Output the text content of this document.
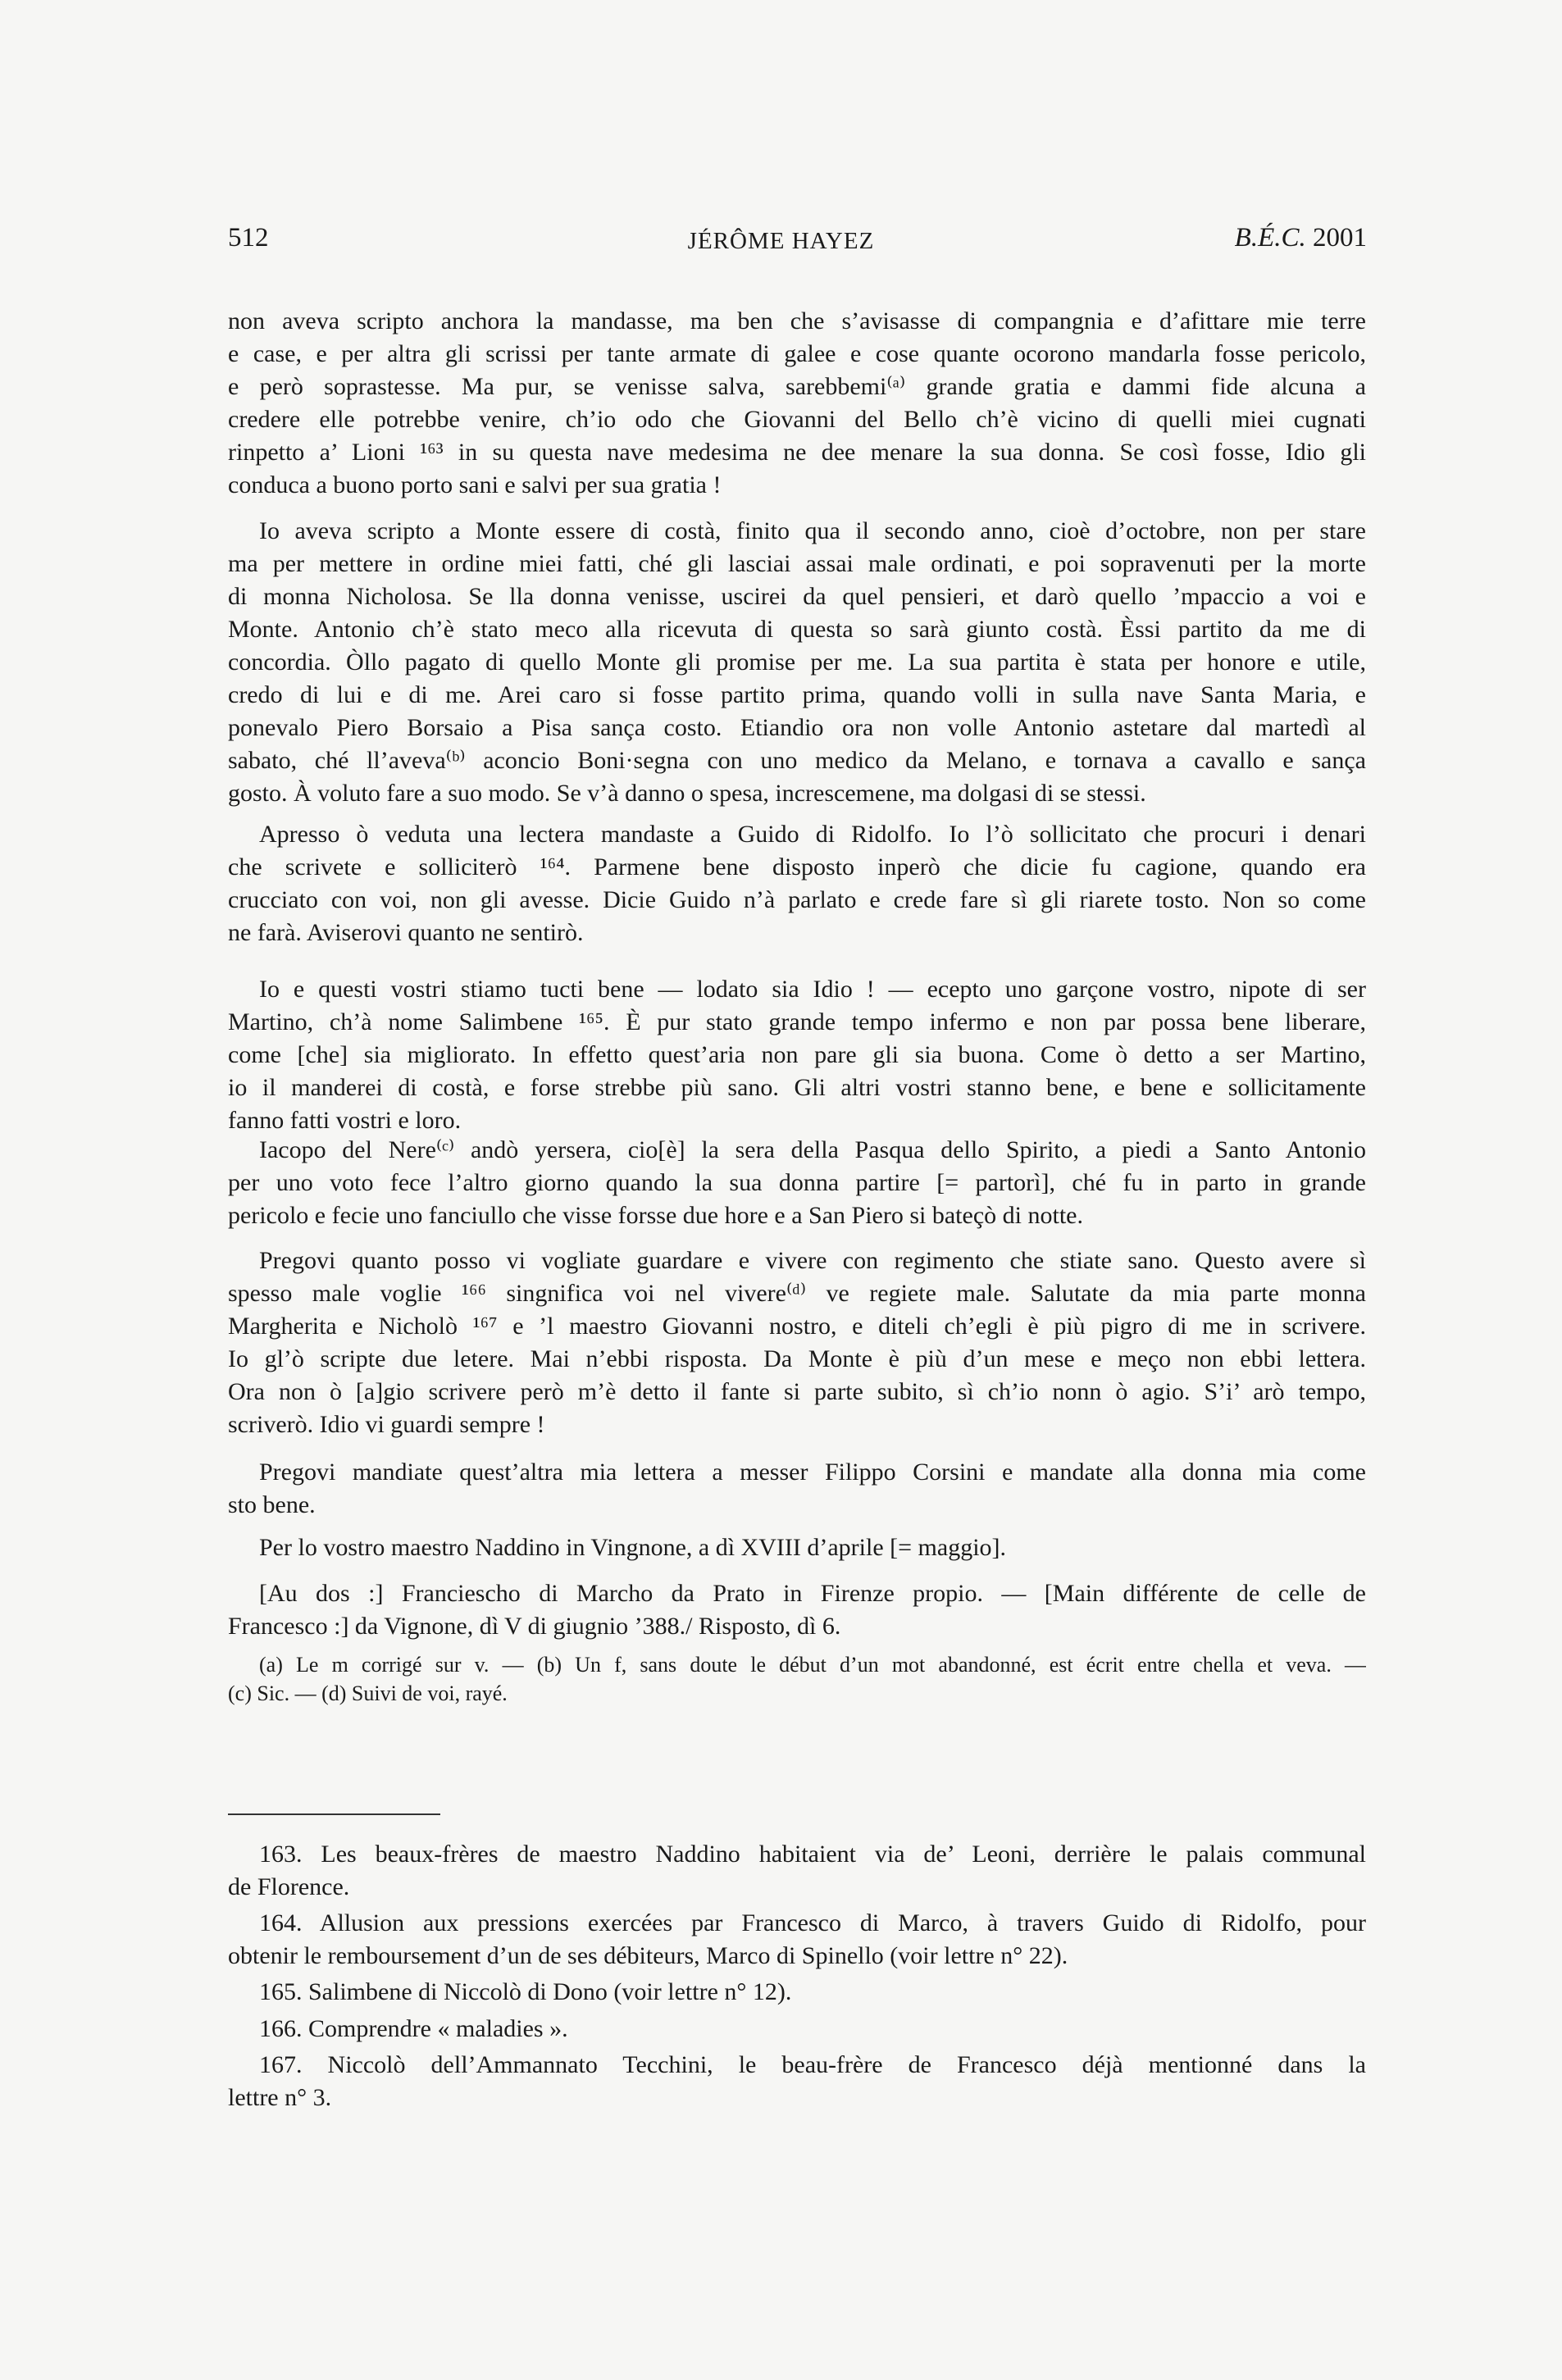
512	JÉRÔME HAYEZ	B.É.C. 2001
non aveva scripto anchora la mandasse, ma ben che s’avisasse di compangnia e d’afittare mie terre
e case, e per altra gli scrissi per tante armate di galee e cose quante ocorono mandarla fosse pericolo,
e però soprastesse. Ma pur, se venisse salva, sarebbemi⁽ᵃ⁾ grande gratia e dammi fide alcuna a
credere elle potrebbe venire, ch’io odo che Giovanni del Bello ch’è vicino di quelli miei cugnati
rinpetto a’ Lioni ¹⁶³ in su questa nave medesima ne dee menare la sua donna. Se così fosse, Idio gli
conduca a buono porto sani e salvi per sua gratia !
Io aveva scripto a Monte essere di costà, finito qua il secondo anno, cioè d’octobre, non per stare
ma per mettere in ordine miei fatti, ché gli lasciai assai male ordinati, e poi sopravenuti per la morte
di monna Nicholosa. Se lla donna venisse, uscirei da quel pensieri, et darò quello ’mpaccio a voi e
Monte. Antonio ch’è stato meco alla ricevuta di questa so sarà giunto costà. Èssi partito da me di
concordia. Òllo pagato di quello Monte gli promise per me. La sua partita è stata per honore e utile,
credo di lui e di me. Arei caro si fosse partito prima, quando volli in sulla nave Santa Maria, e
ponevalo Piero Borsaio a Pisa sança costo. Etiandio ora non volle Antonio astetare dal martedì al
sabato, ché ll’aveva⁽ᵇ⁾ aconcio Boni·segna con uno medico da Melano, e tornava a cavallo e sança
gosto. À voluto fare a suo modo. Se v’à danno o spesa, increscemene, ma dolgasi di se stessi.
Apresso ò veduta una lectera mandaste a Guido di Ridolfo. Io l’ò sollicitato che procuri i denari
che scrivete e solliciterò ¹⁶⁴. Parmene bene disposto inperò che dicie fu cagione, quando era
crucciato con voi, non gli avesse. Dicie Guido n’à parlato e crede fare sì gli riarete tosto. Non so come
ne farà. Aviserovi quanto ne sentirò.
Io e questi vostri stiamo tucti bene — lodato sia Idio ! — ecepto uno garçone vostro, nipote di ser
Martino, ch’à nome Salimbene ¹⁶⁵. È pur stato grande tempo infermo e non par possa bene liberare,
come [che] sia migliorato. In effetto quest’aria non pare gli sia buona. Come ò detto a ser Martino,
io il manderei di costà, e forse strebbe più sano. Gli altri vostri stanno bene, e bene e sollicitamente
fanno fatti vostri e loro.
Iacopo del Nere⁽ᶜ⁾ andò yersera, cio[è] la sera della Pasqua dello Spirito, a piedi a Santo Antonio
per uno voto fece l’altro giorno quando la sua donna partire [= partorì], ché fu in parto in grande
pericolo e fecie uno fanciullo che visse forsse due hore e a San Piero si bateçò di notte.
Pregovi quanto posso vi vogliate guardare e vivere con regimento che stiate sano. Questo avere sì
spesso male voglie ¹⁶⁶ singnifica voi nel vivere⁽ᵈ⁾ ve regiete male. Salutate da mia parte monna
Margherita e Nicholò ¹⁶⁷ e ’l maestro Giovanni nostro, e diteli ch’egli è più pigro di me in scrivere.
Io gl’ò scripte due letere. Mai n’ebbi risposta. Da Monte è più d’un mese e meço non ebbi lettera.
Ora non ò [a]gio scrivere però m’è detto il fante si parte subito, sì ch’io nonn ò agio. S’i’ arò tempo,
scriverò. Idio vi guardi sempre !
Pregovi mandiate quest’altra mia lettera a messer Filippo Corsini e mandate alla donna mia come
sto bene.
Per lo vostro maestro Naddino in Vingnone, a dì XVIII d’aprile [= maggio].
[Au dos :] Franciescho di Marcho da Prato in Firenze propio. — [Main différente de celle de
Francesco :] da Vignone, dì V di giugnio ’388./ Risposto, dì 6.
(a) Le m corrigé sur v. — (b) Un f, sans doute le début d’un mot abandonné, est écrit entre chella et veva. —
(c) Sic. — (d) Suivi de voi, rayé.
163. Les beaux-frères de maestro Naddino habitaient via de’ Leoni, derrière le palais communal
de Florence.
164. Allusion aux pressions exercées par Francesco di Marco, à travers Guido di Ridolfo, pour
obtenir le remboursement d’un de ses débiteurs, Marco di Spinello (voir lettre n° 22).
165. Salimbene di Niccolò di Dono (voir lettre n° 12).
166. Comprendre « maladies ».
167. Niccolò dell’Ammannato Tecchini, le beau-frère de Francesco déjà mentionné dans la
lettre n° 3.
